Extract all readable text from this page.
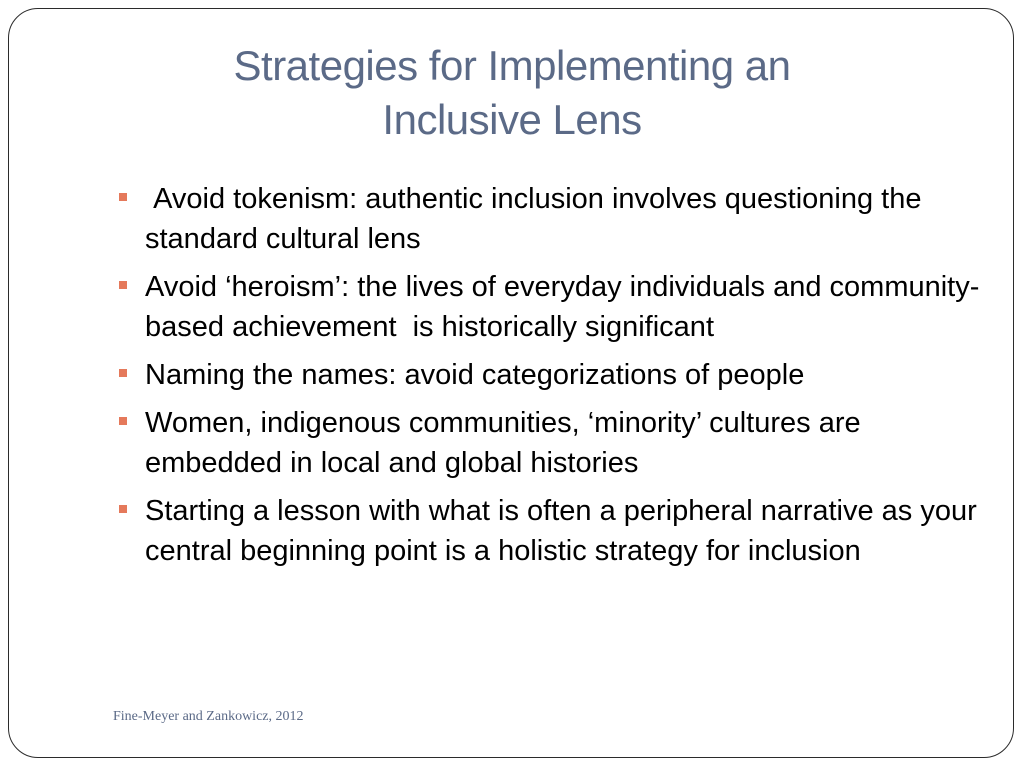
Strategies for Implementing an
Inclusive Lens
Avoid tokenism: authentic inclusion involves questioning the standard cultural lens
Avoid ‘heroism’: the lives of everyday individuals and community-based achievement  is historically significant
Naming the names: avoid categorizations of people
Women, indigenous communities, ‘minority’ cultures are embedded in local and global histories
Starting a lesson with what is often a peripheral narrative as your central beginning point is a holistic strategy for inclusion
Fine-Meyer and Zankowicz, 2012
